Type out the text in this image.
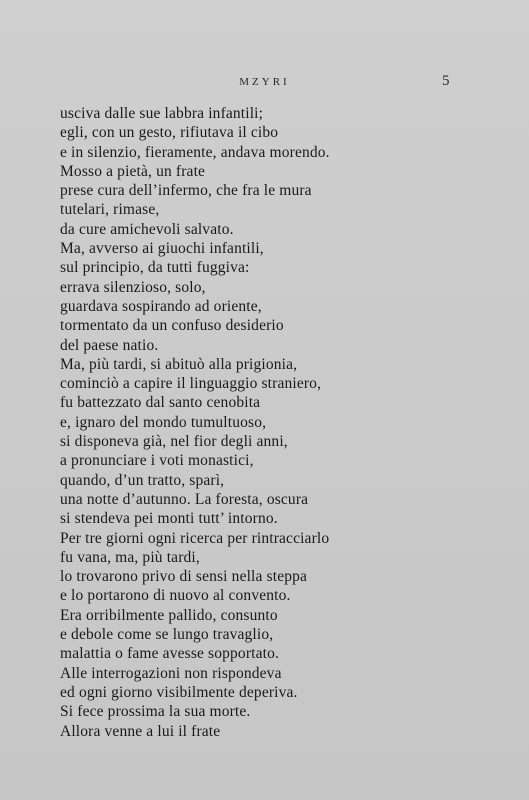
MZYRI	5
usciva dalle sue labbra infantili;
egli, con un gesto, rifiutava il cibo
e in silenzio, fieramente, andava morendo.
Mosso a pietà, un frate
prese cura dell’infermo, che fra le mura
tutelari, rimase,
da cure amichevoli salvato.
Ma, avverso ai giuochi infantili,
sul principio, da tutti fuggiva:
errava silenzioso, solo,
guardava sospirando ad oriente,
tormentato da un confuso desiderio
del paese natio.
Ma, più tardi, si abituò alla prigionia,
cominciò a capire il linguaggio straniero,
fu battezzato dal santo cenobita
e, ignaro del mondo tumultuoso,
si disponeva già, nel fior degli anni,
a pronunciare i voti monastici,
quando, d’un tratto, sparì,
una notte d’autunno. La foresta, oscura
si stendeva pei monti tutt’ intorno.
Per tre giorni ogni ricerca per rintracciarlo
fu vana, ma, più tardi,
lo trovarono privo di sensi nella steppa
e lo portarono di nuovo al convento.
Era orribilmente pallido, consunto
e debole come se lungo travaglio,
malattia o fame avesse sopportato.
Alle interrogazioni non rispondeva
ed ogni giorno visibilmente deperiva.
Si fece prossima la sua morte.
Allora venne a lui il frate
